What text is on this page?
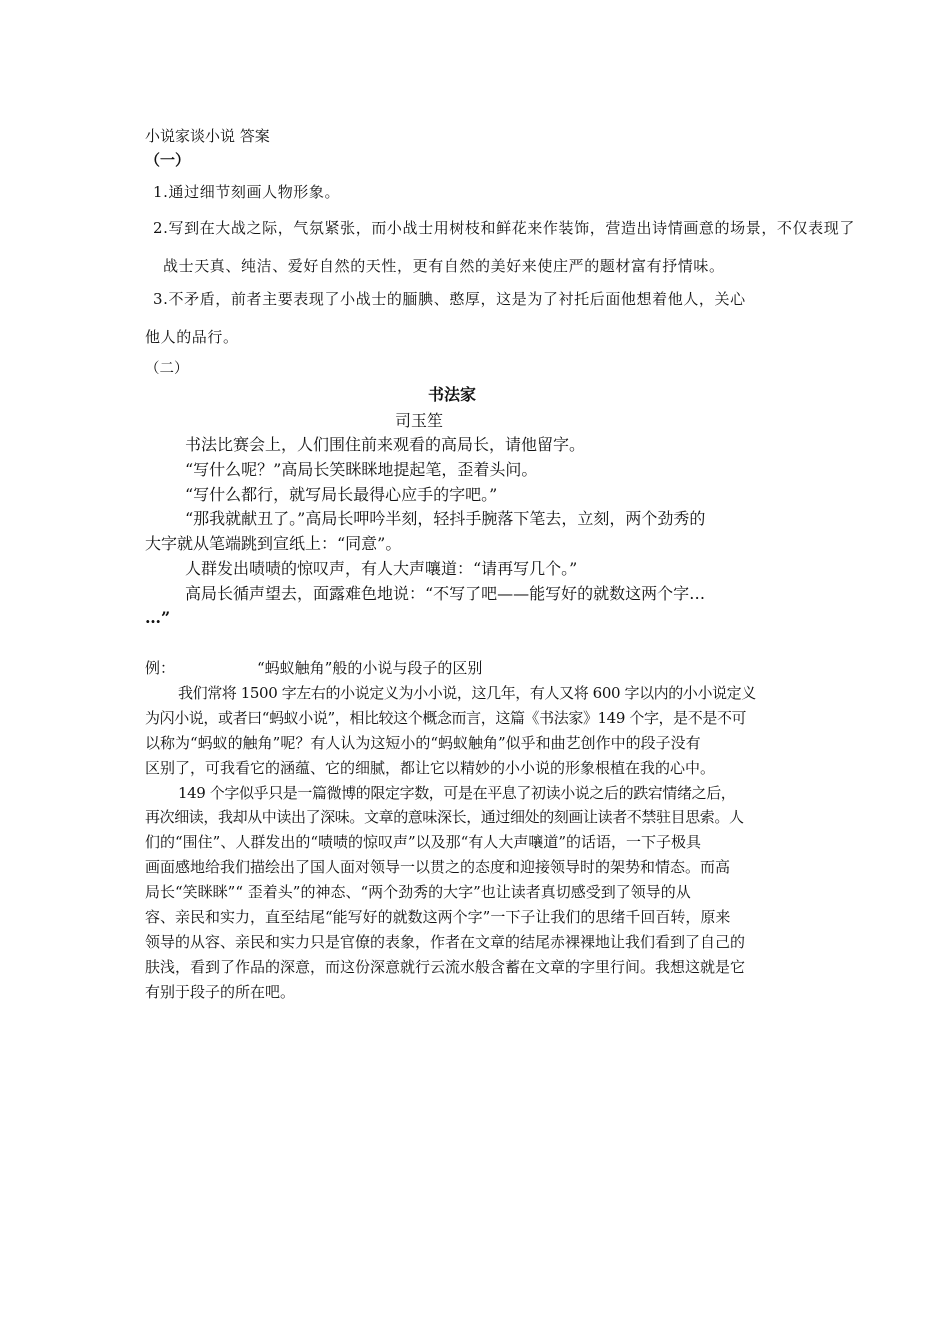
小说家谈小说 答案
（一）
1.通过细节刻画人物形象。
2.写到在大战之际，气氛紧张，而小战士用树枝和鲜花来作装饰，营造出诗情画意的场景，不仅表现了
战士天真、纯洁、爱好自然的天性，更有自然的美好来使庄严的题材富有抒情味。
3.不矛盾，前者主要表现了小战士的腼腆、憨厚，这是为了衬托后面他想着他人，关心
他人的品行。
（二）
书法家
司玉笙
书法比赛会上，人们围住前来观看的高局长，请他留字。
“写什么呢？”高局长笑眯眯地提起笔，歪着头问。
“写什么都行，就写局长最得心应手的字吧。”
“那我就献丑了。”高局长呷吟半刻，轻抖手腕落下笔去，立刻，两个劲秀的
大字就从笔端跳到宣纸上：“同意”。
人群发出啧啧的惊叹声，有人大声嚷道：“请再写几个。”
高局长循声望去，面露难色地说：“不写了吧——能写好的就数这两个字…
…”
例：	“蚂蚁触角”般的小说与段子的区别
我们常将 1500 字左右的小说定义为小小说，这几年，有人又将 600 字以内的小小说定义
为闪小说，或者曰“蚂蚁小说”，相比较这个概念而言，这篇《书法家》149 个字，是不是不可
以称为“蚂蚁的触角”呢？有人认为这短小的“蚂蚁触角”似乎和曲艺创作中的段子没有
区别了，可我看它的涵蕴、它的细腻，都让它以精妙的小小说的形象根植在我的心中。
149 个字似乎只是一篇微博的限定字数，可是在平息了初读小说之后的跌宕情绪之后，
再次细读，我却从中读出了深味。文章的意味深长，通过细处的刻画让读者不禁驻目思索。人
们的“围住”、人群发出的“啧啧的惊叹声”以及那“有人大声嚷道”的话语，一下子极具
画面感地给我们描绘出了国人面对领导一以贯之的态度和迎接领导时的架势和情态。而高
局长“笑眯眯”“ 歪着头”的神态、“两个劲秀的大字”也让读者真切感受到了领导的从
容、亲民和实力，直至结尾“能写好的就数这两个字”一下子让我们的思绪千回百转，原来
领导的从容、亲民和实力只是官僚的表象，作者在文章的结尾赤裸裸地让我们看到了自己的
肤浅，看到了作品的深意，而这份深意就行云流水般含蓄在文章的字里行间。我想这就是它
有别于段子的所在吧。
